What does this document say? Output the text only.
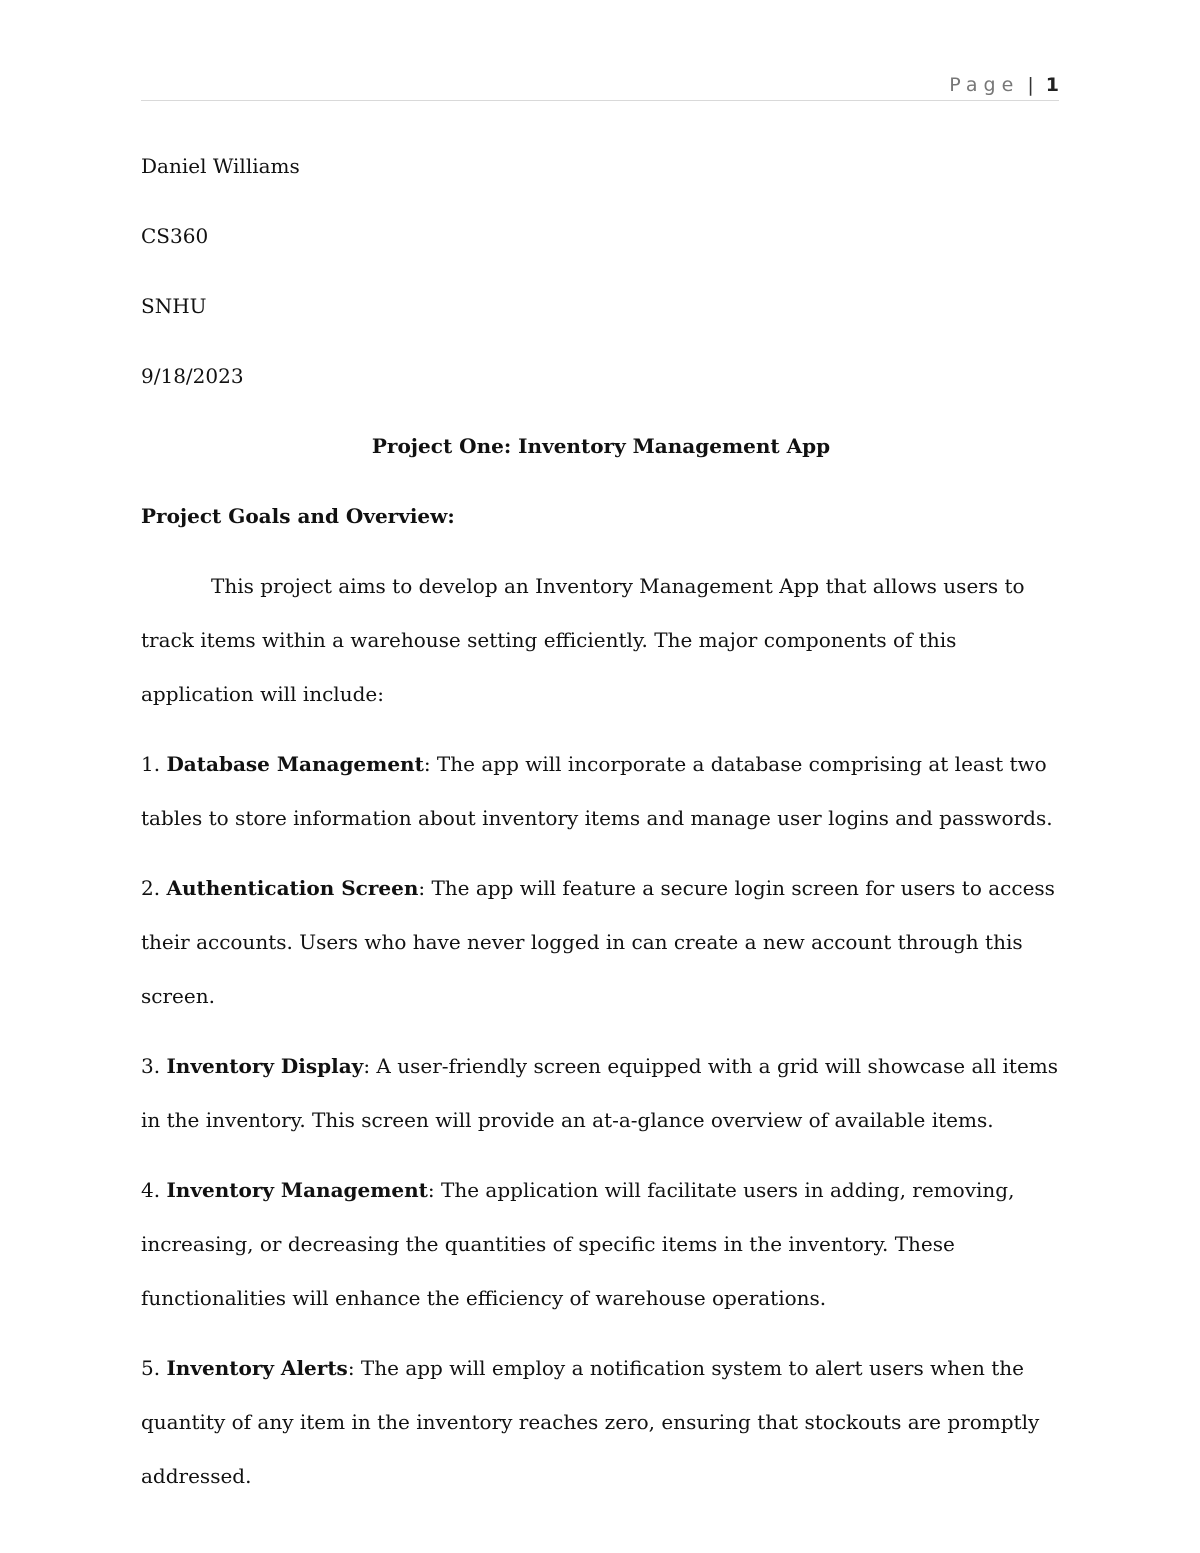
Page | 1
Daniel Williams
CS360
SNHU
9/18/2023
Project One: Inventory Management App
Project Goals and Overview:
This project aims to develop an Inventory Management App that allows users to track items within a warehouse setting efficiently. The major components of this application will include:
1. Database Management: The app will incorporate a database comprising at least two tables to store information about inventory items and manage user logins and passwords.
2. Authentication Screen: The app will feature a secure login screen for users to access their accounts. Users who have never logged in can create a new account through this screen.
3. Inventory Display: A user-friendly screen equipped with a grid will showcase all items in the inventory. This screen will provide an at-a-glance overview of available items.
4. Inventory Management: The application will facilitate users in adding, removing, increasing, or decreasing the quantities of specific items in the inventory. These functionalities will enhance the efficiency of warehouse operations.
5. Inventory Alerts: The app will employ a notification system to alert users when the quantity of any item in the inventory reaches zero, ensuring that stockouts are promptly addressed.
